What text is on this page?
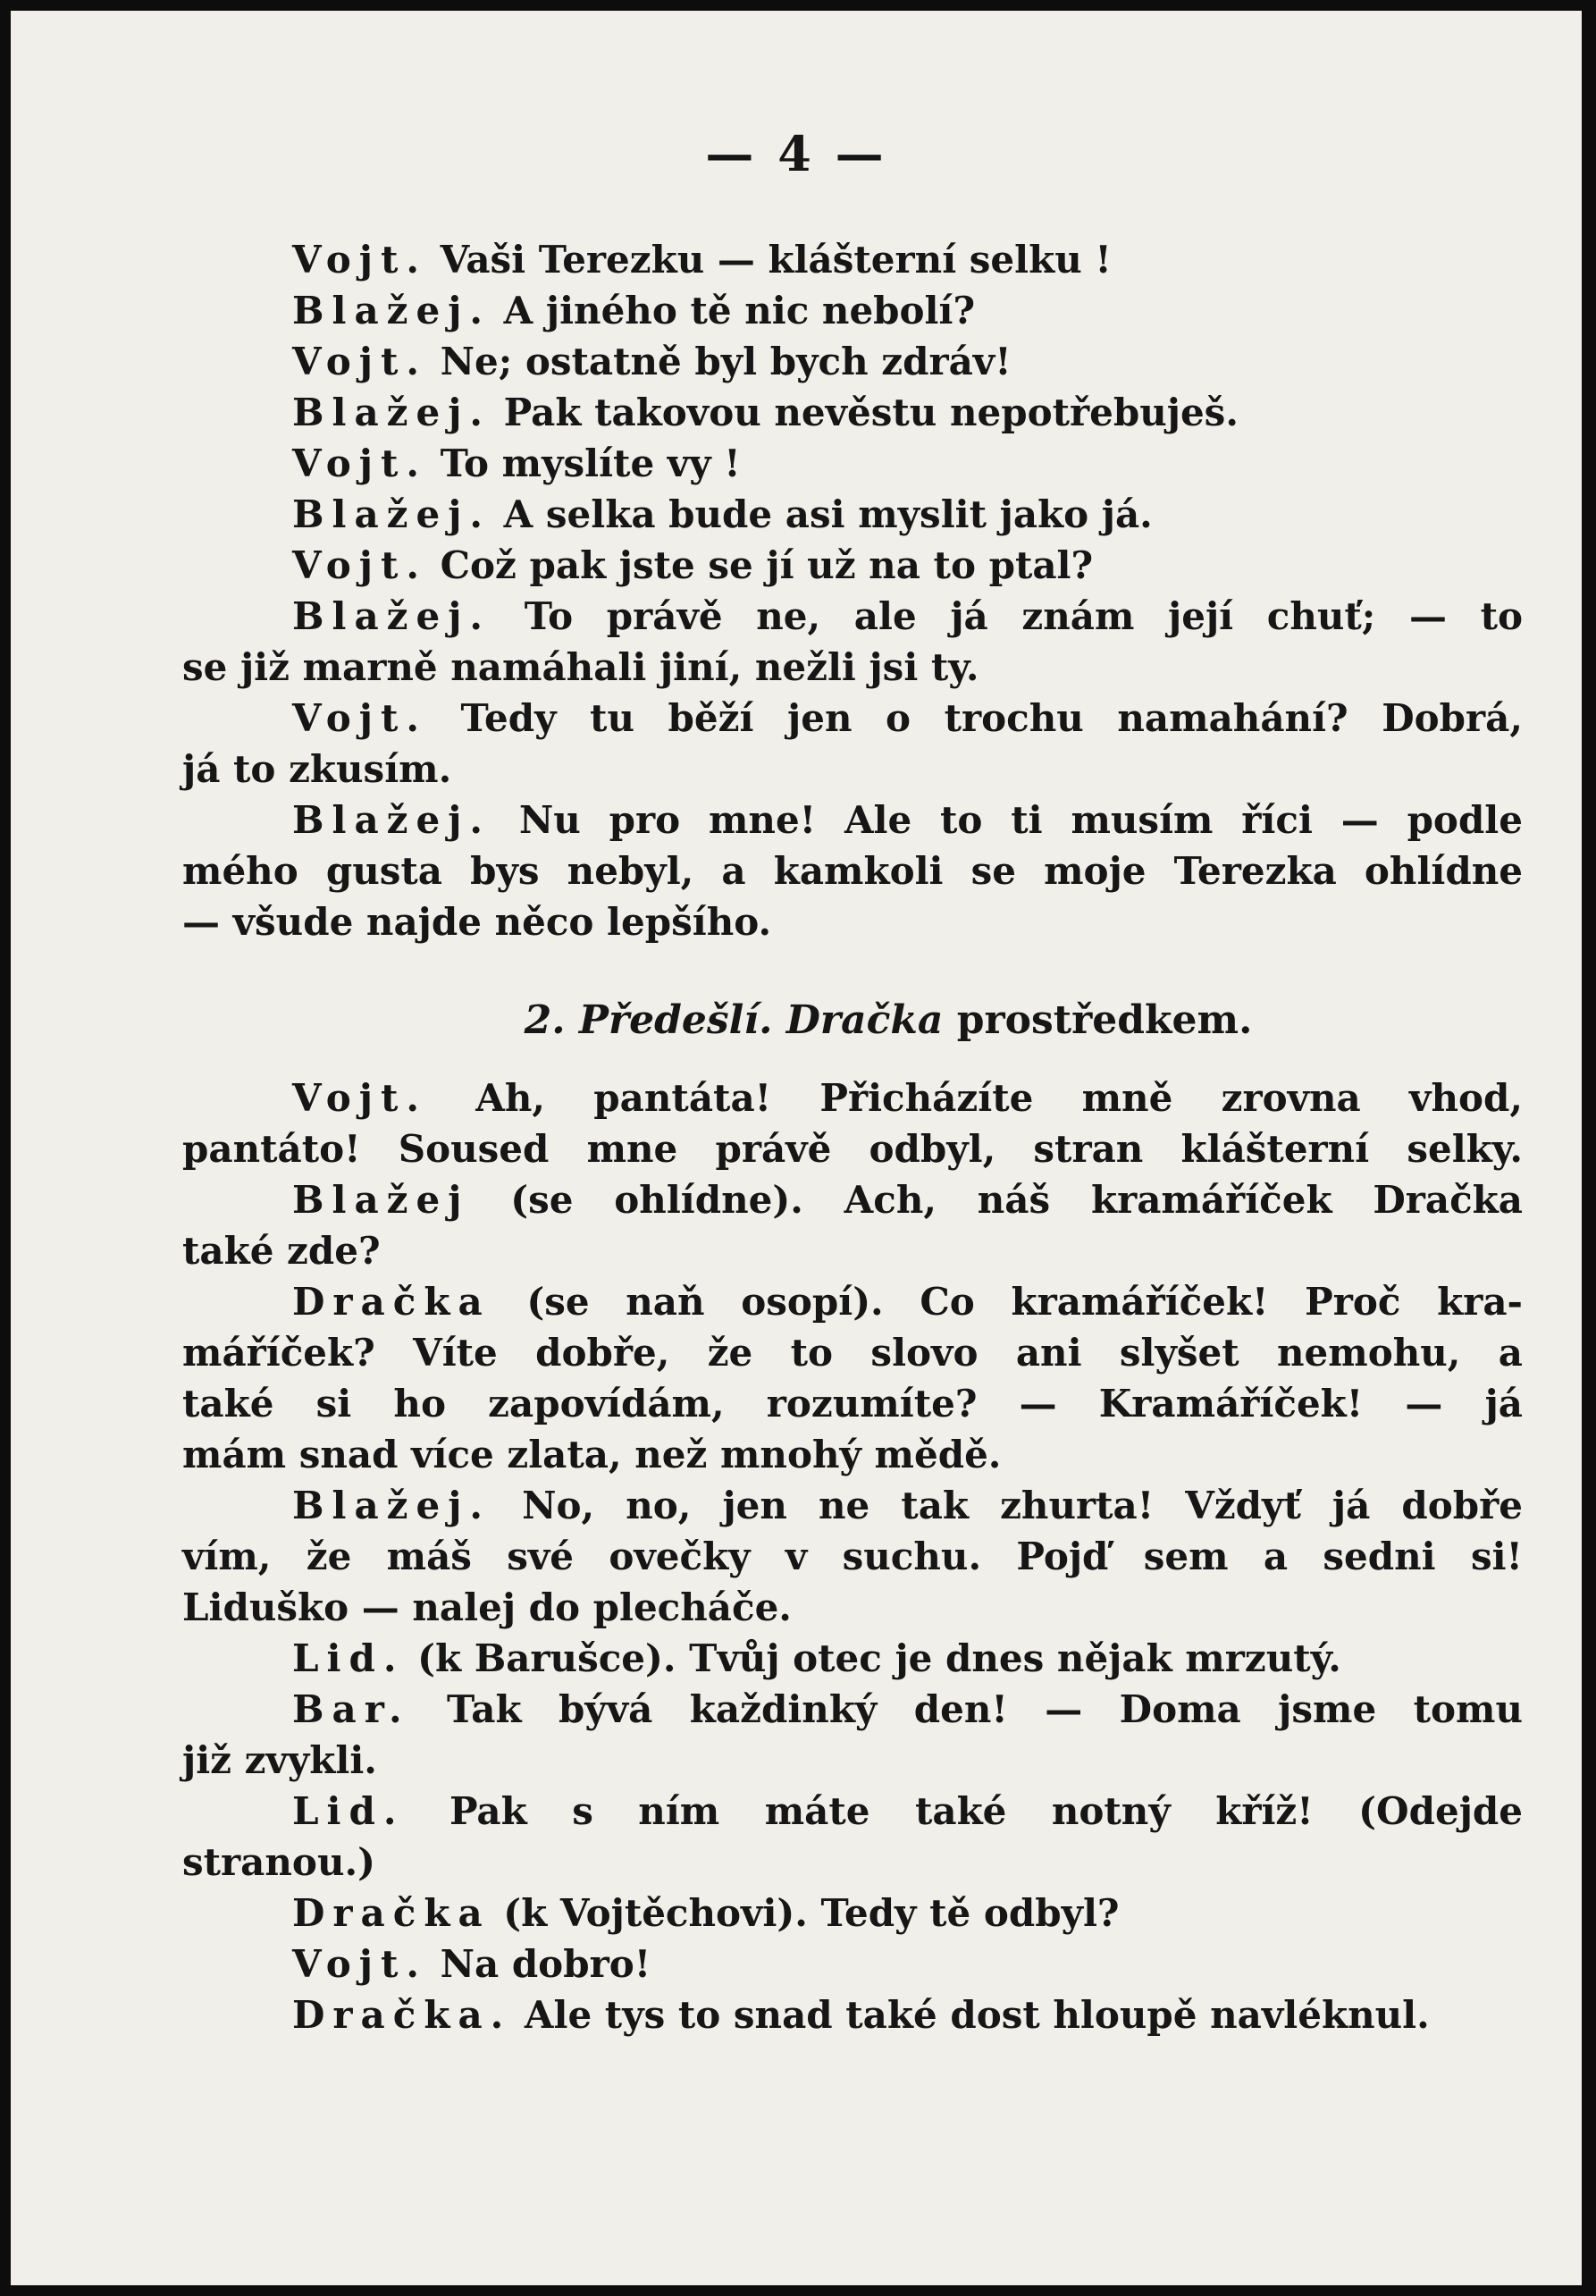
— 4 —
Vojt. Vaši Terezku — klášterní selku !
Blažej. A jiného tě nic nebolí?
Vojt. Ne; ostatně byl bych zdráv!
Blažej. Pak takovou nevěstu nepotřebuješ.
Vojt. To myslíte vy !
Blažej. A selka bude asi myslit jako já.
Vojt. Což pak jste se jí už na to ptal?
Blažej. To právě ne, ale já znám její chuť; — to
se již marně namáhali jiní, nežli jsi ty.
Vojt. Tedy tu běží jen o trochu namahání? Dobrá,
já to zkusím.
Blažej. Nu pro mne! Ale to ti musím říci — podle
mého gusta bys nebyl, a kamkoli se moje Terezka ohlídne
— všude najde něco lepšího.
2. Předešlí. Dračka prostředkem.
Vojt. Ah, pantáta! Přicházíte mně zrovna vhod,
pantáto! Soused mne právě odbyl, stran klášterní selky.
Blažej (se ohlídne). Ach, náš kramáříček Dračka
také zde?
Dračka (se naň osopí). Co kramáříček! Proč kra-
máříček? Víte dobře, že to slovo ani slyšet nemohu, a
také si ho zapovídám, rozumíte? — Kramáříček! — já
mám snad více zlata, než mnohý mědě.
Blažej. No, no, jen ne tak zhurta! Vždyť já dobře
vím, že máš své ovečky v suchu. Pojď sem a sedni si!
Liduško — nalej do plecháče.
Lid. (k Barušce). Tvůj otec je dnes nějak mrzutý.
Bar. Tak bývá každinký den! — Doma jsme tomu
již zvykli.
Lid. Pak s ním máte také notný kříž! (Odejde
stranou.)
Dračka (k Vojtěchovi). Tedy tě odbyl?
Vojt. Na dobro!
Dračka. Ale tys to snad také dost hloupě navléknul.
